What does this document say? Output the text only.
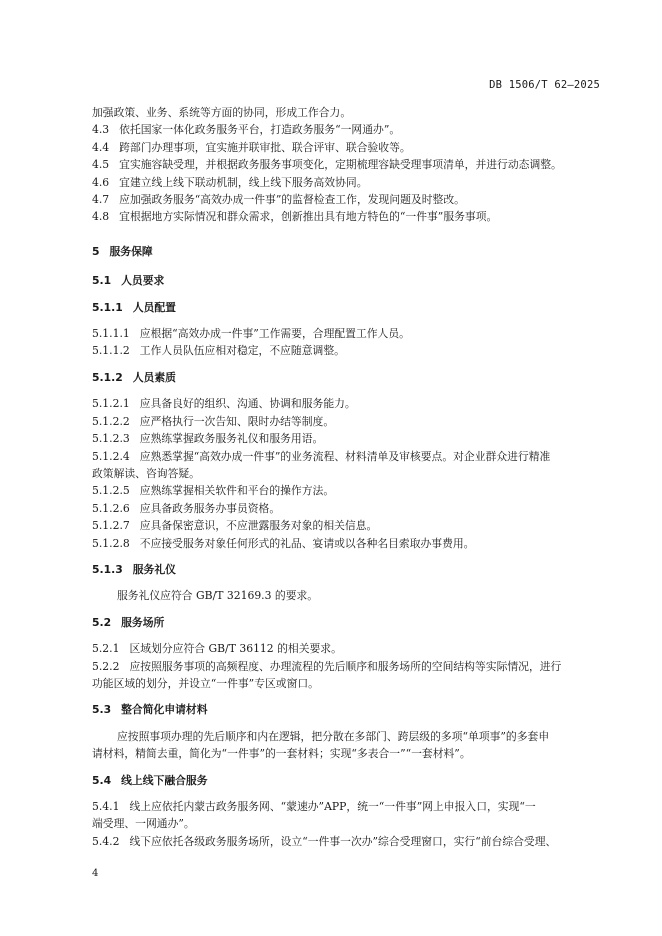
DB 1506/T 62—2025
加强政策、业务、系统等方面的协同，形成工作合力。
4.3 依托国家一体化政务服务平台，打造政务服务“一网通办”。
4.4 跨部门办理事项，宜实施并联审批、联合评审、联合验收等。
4.5 宜实施容缺受理，并根据政务服务事项变化，定期梳理容缺受理事项清单，并进行动态调整。
4.6 宜建立线上线下联动机制，线上线下服务高效协同。
4.7 应加强政务服务“高效办成一件事”的监督检查工作，发现问题及时整改。
4.8 宜根据地方实际情况和群众需求，创新推出具有地方特色的“一件事”服务事项。
5 服务保障
5.1 人员要求
5.1.1 人员配置
5.1.1.1 应根据“高效办成一件事”工作需要，合理配置工作人员。
5.1.1.2 工作人员队伍应相对稳定，不应随意调整。
5.1.2 人员素质
5.1.2.1 应具备良好的组织、沟通、协调和服务能力。
5.1.2.2 应严格执行一次告知、限时办结等制度。
5.1.2.3 应熟练掌握政务服务礼仪和服务用语。
5.1.2.4 应熟悉掌握“高效办成一件事”的业务流程、材料清单及审核要点。对企业群众进行精准
政策解读、咨询答疑。
5.1.2.5 应熟练掌握相关软件和平台的操作方法。
5.1.2.6 应具备政务服务办事员资格。
5.1.2.7 应具备保密意识，不应泄露服务对象的相关信息。
5.1.2.8 不应接受服务对象任何形式的礼品、宴请或以各种名目索取办事费用。
5.1.3 服务礼仪
服务礼仪应符合 GB/T 32169.3 的要求。
5.2 服务场所
5.2.1 区域划分应符合 GB/T 36112 的相关要求。
5.2.2 应按照服务事项的高频程度、办理流程的先后顺序和服务场所的空间结构等实际情况，进行
功能区域的划分，并设立“一件事”专区或窗口。
5.3 整合简化申请材料
应按照事项办理的先后顺序和内在逻辑，把分散在多部门、跨层级的多项“单项事”的多套申
请材料，精简去重，简化为“一件事”的一套材料；实现“多表合一”“一套材料”。
5.4 线上线下融合服务
5.4.1 线上应依托内蒙古政务服务网、“蒙速办”APP，统一“一件事”网上申报入口，实现“一
端受理、一网通办”。
5.4.2 线下应依托各级政务服务场所，设立“一件事一次办”综合受理窗口，实行“前台综合受理、
4
